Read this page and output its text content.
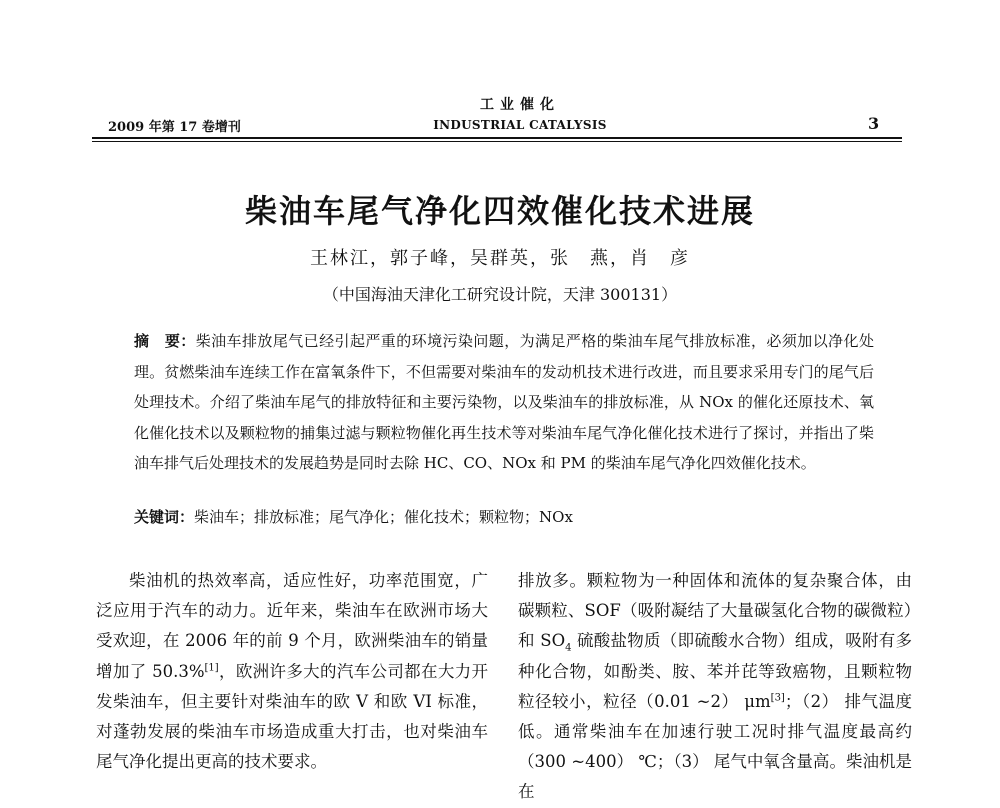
2009 年第 17 卷增刊
工业催化
INDUSTRIAL CATALYSIS	3
柴油车尾气净化四效催化技术进展
王林江，郭子峰，吴群英，张　燕，肖　彦
（中国海油天津化工研究设计院，天津 300131）
摘　要：柴油车排放尾气已经引起严重的环境污染问题，为满足严格的柴油车尾气排放标准，必须加以净化处理。贫燃柴油车连续工作在富氧条件下，不但需要对柴油车的发动机技术进行改进，而且要求采用专门的尾气后处理技术。介绍了柴油车尾气的排放特征和主要污染物，以及柴油车的排放标准，从 NOx 的催化还原技术、氧化催化技术以及颗粒物的捕集过滤与颗粒物催化再生技术等对柴油车尾气净化催化技术进行了探讨，并指出了柴油车排气后处理技术的发展趋势是同时去除 HC、CO、NOx 和 PM 的柴油车尾气净化四效催化技术。
关键词：柴油车；排放标准；尾气净化；催化技术；颗粒物；NOx

柴油机的热效率高，适应性好，功率范围宽，广泛应用于汽车的动力。近年来，柴油车在欧洲市场大受欢迎，在 2006 年的前 9 个月，欧洲柴油车的销量增加了 50.3%[1]，欧洲许多大的汽车公司都在大力开发柴油车，但主要针对柴油车的欧 V 和欧 VI 标准，对蓬勃发展的柴油车市场造成重大打击，也对柴油车尾气净化提出更高的技术要求。

排放多。颗粒物为一种固体和流体的复杂聚合体，由碳颗粒、SOF（吸附凝结了大量碳氢化合物的碳微粒）和 $SO_4$ 硫酸盐物质（即硫酸水合物）组成，吸附有多种化合物，如酚类、胺、苯并芘等致癌物，且颗粒物粒径较小，粒径（0.01 ~2） μm[3]；（2） 排气温度低。通常柴油车在加速行驶工况时排气温度最高约（300 ~400） ℃；（3） 尾气中氧含量高。柴油机是在
